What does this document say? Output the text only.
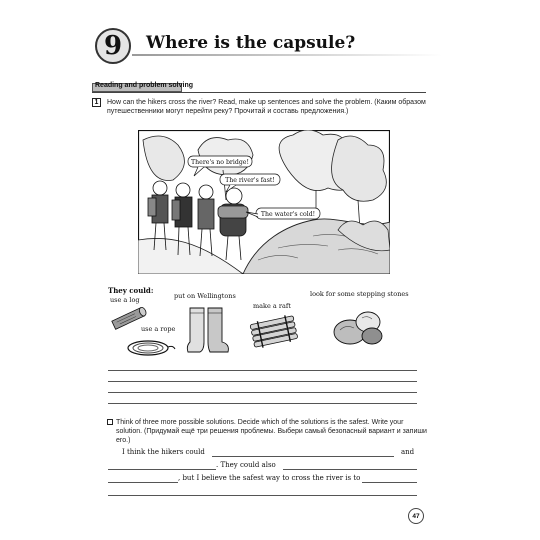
9 Where is the capsule?
Reading and problem solving
1	How can the hikers cross the river? Read, make up sentences and solve the problem. (Каким образом путешественники могут перейти реку? Прочитай и составь предложения.)
There's no bridge!
The river's fast!
The water's cold!
They could:
use a log
use a rope
put on Wellingtons
make a raft
look for some stepping stones
Think of three more possible solutions. Decide which of the solutions is the safest. Write your solution. (Придумай ещё три решения проблемы. Выбери самый безопасный вариант и запиши его.)
I think the hikers could	and
. They could also
, but I believe the safest way to cross the river is to
47
